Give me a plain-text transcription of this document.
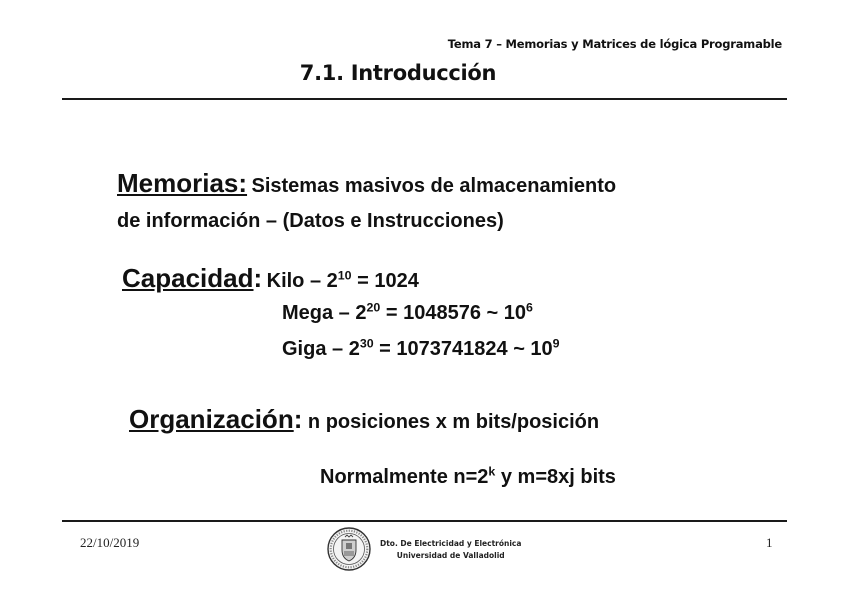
Tema 7 – Memorias y Matrices de lógica Programable
7.1. Introducción
Memorias: Sistemas masivos de almacenamiento
de información – (Datos e Instrucciones)
Capacidad: Kilo – $2^{10} = 1024$
Mega – $2^{20} = 1048576$ ~ $10^6$
Giga – $2^{30} = 1073741824$ ~ $10^9$
Organización: n posiciones x m bits/posición
Normalmente $n=2^k$ y m=8xj bits
22/10/2019	Dto. De Electricidad y Electrónica
Universidad de Valladolid
1
